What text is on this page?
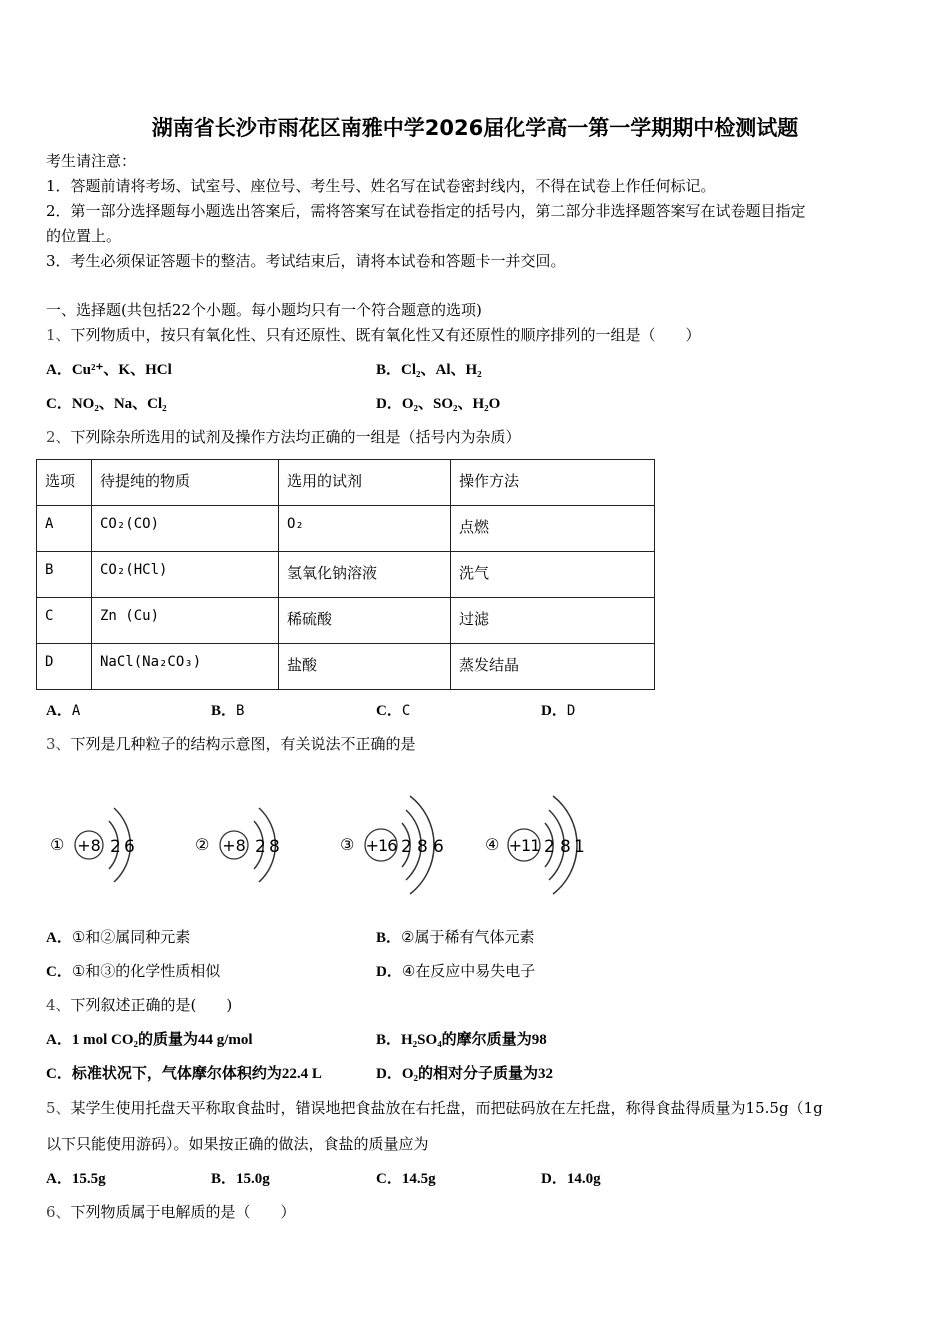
湖南省长沙市雨花区南雅中学2026届化学高一第一学期期中检测试题
考生请注意：
1．答题前请将考场、试室号、座位号、考生号、姓名写在试卷密封线内，不得在试卷上作任何标记。
2．第一部分选择题每小题选出答案后，需将答案写在试卷指定的括号内，第二部分非选择题答案写在试卷题目指定
的位置上。
3．考生必须保证答题卡的整洁。考试结束后，请将本试卷和答题卡一并交回。
一、选择题(共包括22个小题。每小题均只有一个符合题意的选项)
1、下列物质中，按只有氧化性、只有还原性、既有氧化性又有还原性的顺序排列的一组是（　　）
A．Cu²⁺、K、HCl	B．Cl₂、Al、H₂
C．NO₂、Na、Cl₂	D．O₂、SO₂、H₂O
2、下列除杂所选用的试剂及操作方法均正确的一组是（括号内为杂质）
选项	待提纯的物质	选用的试剂	操作方法
A	CO₂(CO)	O₂	点燃
B	CO₂(HCl)	氢氧化钠溶液	洗气
C	Zn (Cu)	稀硫酸	过滤
D	NaCl(Na₂CO₃)	盐酸	蒸发结晶
A．A	B．B	C．C	D．D
3、下列是几种粒子的结构示意图，有关说法不正确的是
① +8 2 6	② +8 2 8	③ +16 2 8 6	④ +11 2 8 1
A．①和②属同种元素	B．②属于稀有气体元素
C．①和③的化学性质相似	D．④在反应中易失电子
4、下列叙述正确的是(　　)
A．1 mol CO₂的质量为44 g/mol	B．H₂SO₄的摩尔质量为98
C．标准状况下，气体摩尔体积约为22.4 L	D．O₂的相对分子质量为32
5、某学生使用托盘天平称取食盐时，错误地把食盐放在右托盘，而把砝码放在左托盘，称得食盐得质量为15.5g（1g
以下只能使用游码）。如果按正确的做法，食盐的质量应为
A．15.5g	B．15.0g	C．14.5g	D．14.0g
6、下列物质属于电解质的是（　　）
